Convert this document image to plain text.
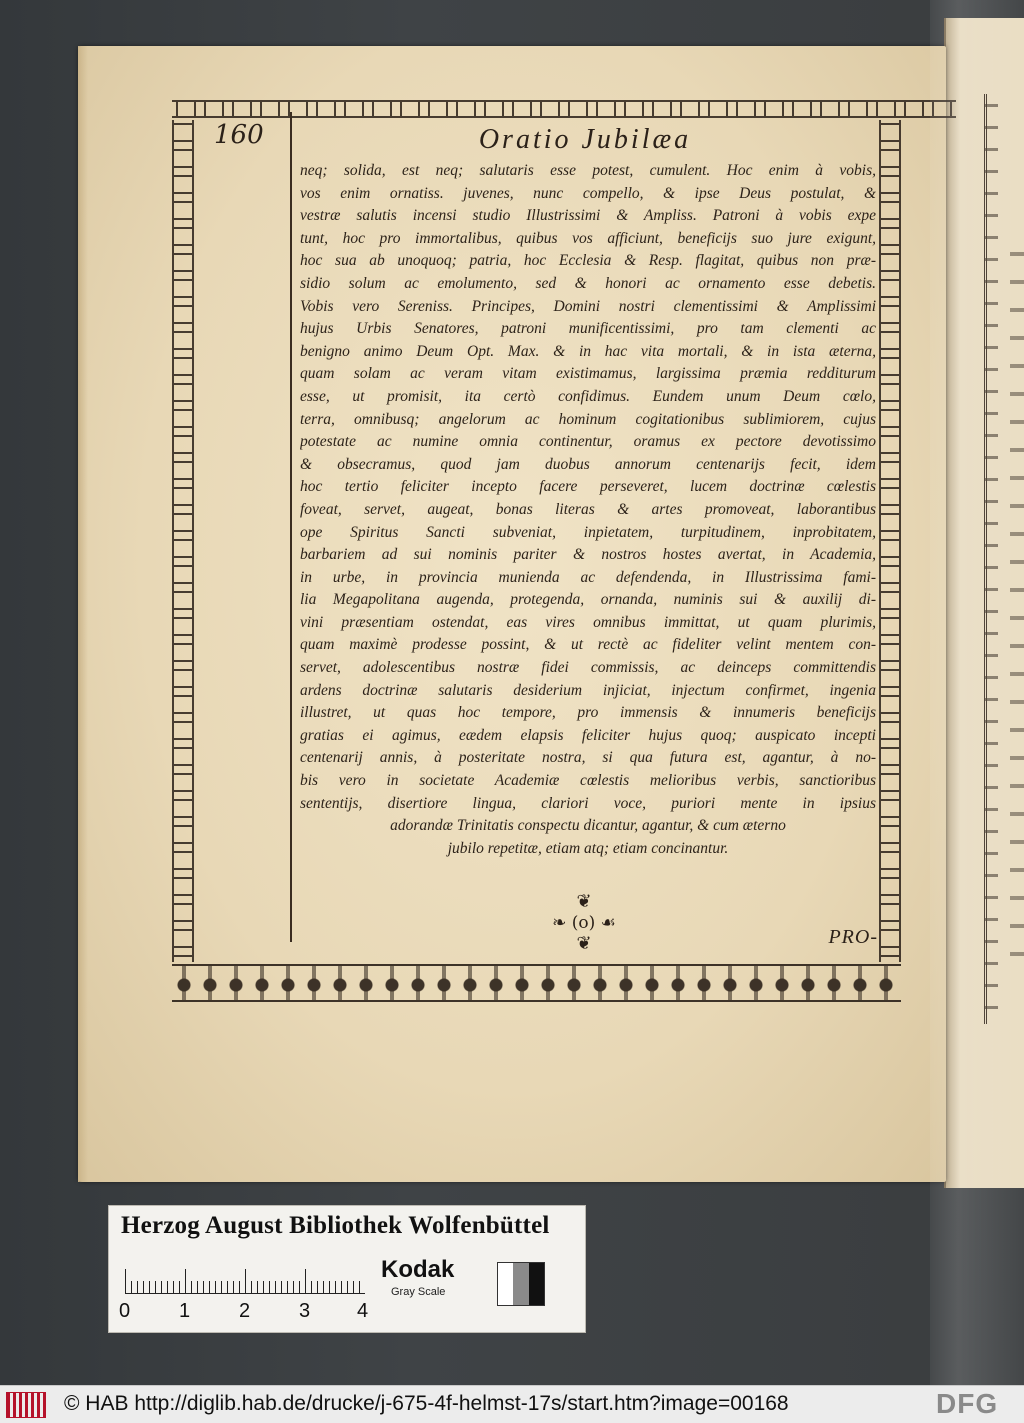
160	Oratio Jubilæa
neq; solida, est neq; salutaris esse potest, cumulent. Hoc enim à vobis,
vos enim ornatiss. juvenes, nunc compello, & ipse Deus postulat, &
vestræ salutis incensi studio Illustrissimi & Ampliss. Patroni à vobis expe
tunt, hoc pro immortalibus, quibus vos afficiunt, beneficijs suo jure exigunt,
hoc sua ab unoquoq; patria, hoc Ecclesia & Resp. flagitat, quibus non præ-
sidio solum ac emolumento, sed & honori ac ornamento esse debetis.
Vobis vero Sereniss. Principes, Domini nostri clementissimi & Amplissimi
hujus Urbis Senatores, patroni munificentissimi, pro tam clementi ac
benigno animo Deum Opt. Max. & in hac vita mortali, & in ista æterna,
quam solam ac veram vitam existimamus, largissima præmia redditurum
esse, ut promisit, ita certò confidimus. Eundem unum Deum cœlo,
terra, omnibusq; angelorum ac hominum cogitationibus sublimiorem, cujus
potestate ac numine omnia continentur, oramus ex pectore devotissimo
& obsecramus, quod jam duobus annorum centenarijs fecit, idem
hoc tertio feliciter incepto facere perseveret, lucem doctrinæ cœlestis
foveat, servet, augeat, bonas literas & artes promoveat, laborantibus
ope Spiritus Sancti subveniat, inpietatem, turpitudinem, inprobitatem,
barbariem ad sui nominis pariter & nostros hostes avertat, in Academia,
in urbe, in provincia munienda ac defendenda, in Illustrissima fami-
lia Megapolitana augenda, protegenda, ornanda, numinis sui & auxilij di-
vini præsentiam ostendat, eas vires omnibus immittat, ut quam plurimis,
quam maximè prodesse possint, & ut rectè ac fideliter velint mentem con-
servet, adolescentibus nostræ fidei commissis, ac deinceps committendis
ardens doctrinæ salutaris desiderium injiciat, injectum confirmet, ingenia
illustret, ut quas hoc tempore, pro immensis & innumeris beneficijs
gratias ei agimus, eædem elapsis feliciter hujus quoq; auspicato incepti
centenarij annis, à posteritate nostra, si qua futura est, agantur, à no-
bis vero in societate Academiæ cœlestis melioribus verbis, sanctioribus
sententijs, disertiore lingua, clariori voce, puriori mente in ipsius
adorandæ Trinitatis conspectu dicantur, agantur, & cum æterno
jubilo repetitæ, etiam atq; etiam concinantur.
❦
❧ (o) ☙
❦	PRO-
Herzog August Bibliothek Wolfenbüttel
0 1 2 3 4
Kodak
Gray Scale
© HAB http://diglib.hab.de/drucke/j-675-4f-helmst-17s/start.htm?image=00168	DFG
